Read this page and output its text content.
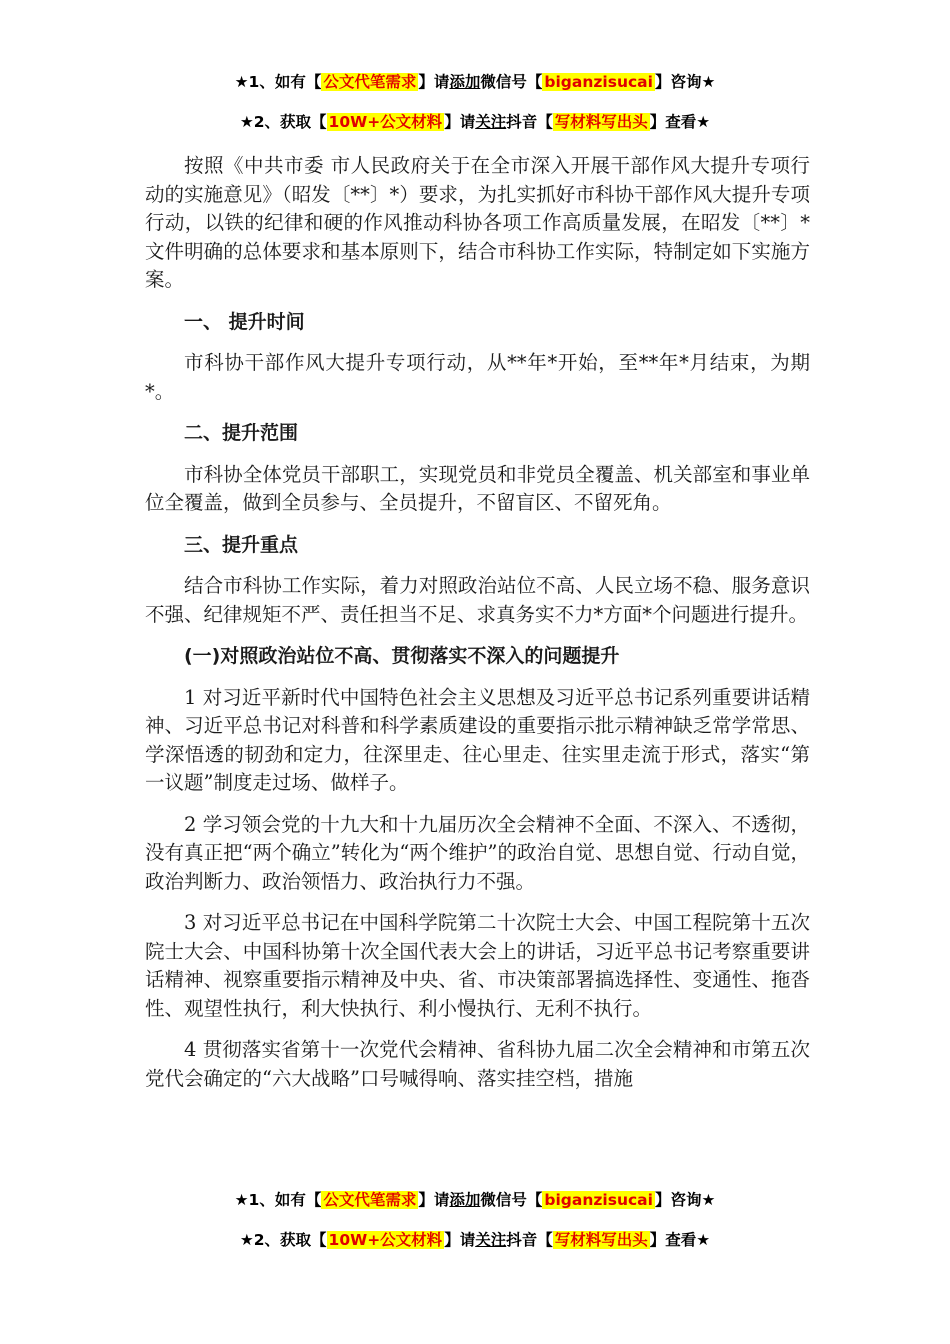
★1、如有【 公文代笔需求 】请添加微信号【 biganzisucai 】咨询★
★2、获取【 10W+公文材料 】请关注抖音【 写材料写出头 】查看★

按照《中共市委 市人民政府关于在全市深入开展干部作风大提升专项行动的实施意见》（昭发〔**〕*）要求，为扎实抓好市科协干部作风大提升专项行动，以铁的纪律和硬的作风推动科协各项工作高质量发展，在昭发〔**〕*文件明确的总体要求和基本原则下，结合市科协工作实际，特制定如下实施方案。

一、 提升时间

市科协干部作风大提升专项行动，从**年*开始，至**年*月结束，为期*。

二、提升范围

市科协全体党员干部职工，实现党员和非党员全覆盖、机关部室和事业单位全覆盖，做到全员参与、全员提升，不留盲区、不留死角。

三、提升重点

结合市科协工作实际，着力对照政治站位不高、人民立场不稳、服务意识不强、纪律规矩不严、责任担当不足、求真务实不力*方面*个问题进行提升。

(一)对照政治站位不高、贯彻落实不深入的问题提升

1 对习近平新时代中国特色社会主义思想及习近平总书记系列重要讲话精神、习近平总书记对科普和科学素质建设的重要指示批示精神缺乏常学常思、学深悟透的韧劲和定力，往深里走、往心里走、往实里走流于形式，落实“第一议题”制度走过场、做样子。

2 学习领会党的十九大和十九届历次全会精神不全面、不深入、不透彻，没有真正把“两个确立”转化为“两个维护”的政治自觉、思想自觉、行动自觉，政治判断力、政治领悟力、政治执行力不强。

3 对习近平总书记在中国科学院第二十次院士大会、中国工程院第十五次院士大会、中国科协第十次全国代表大会上的讲话，习近平总书记考察重要讲话精神、视察重要指示精神及中央、省、市决策部署搞选择性、变通性、拖沓性、观望性执行，利大快执行、利小慢执行、无利不执行。

4 贯彻落实省第十一次党代会精神、省科协九届二次全会精神和市第五次党代会确定的“六大战略”口号喊得响、落实挂空档，措施

★1、如有【 公文代笔需求 】请添加微信号【 biganzisucai 】咨询★
★2、获取【 10W+公文材料 】请关注抖音【 写材料写出头 】查看★
